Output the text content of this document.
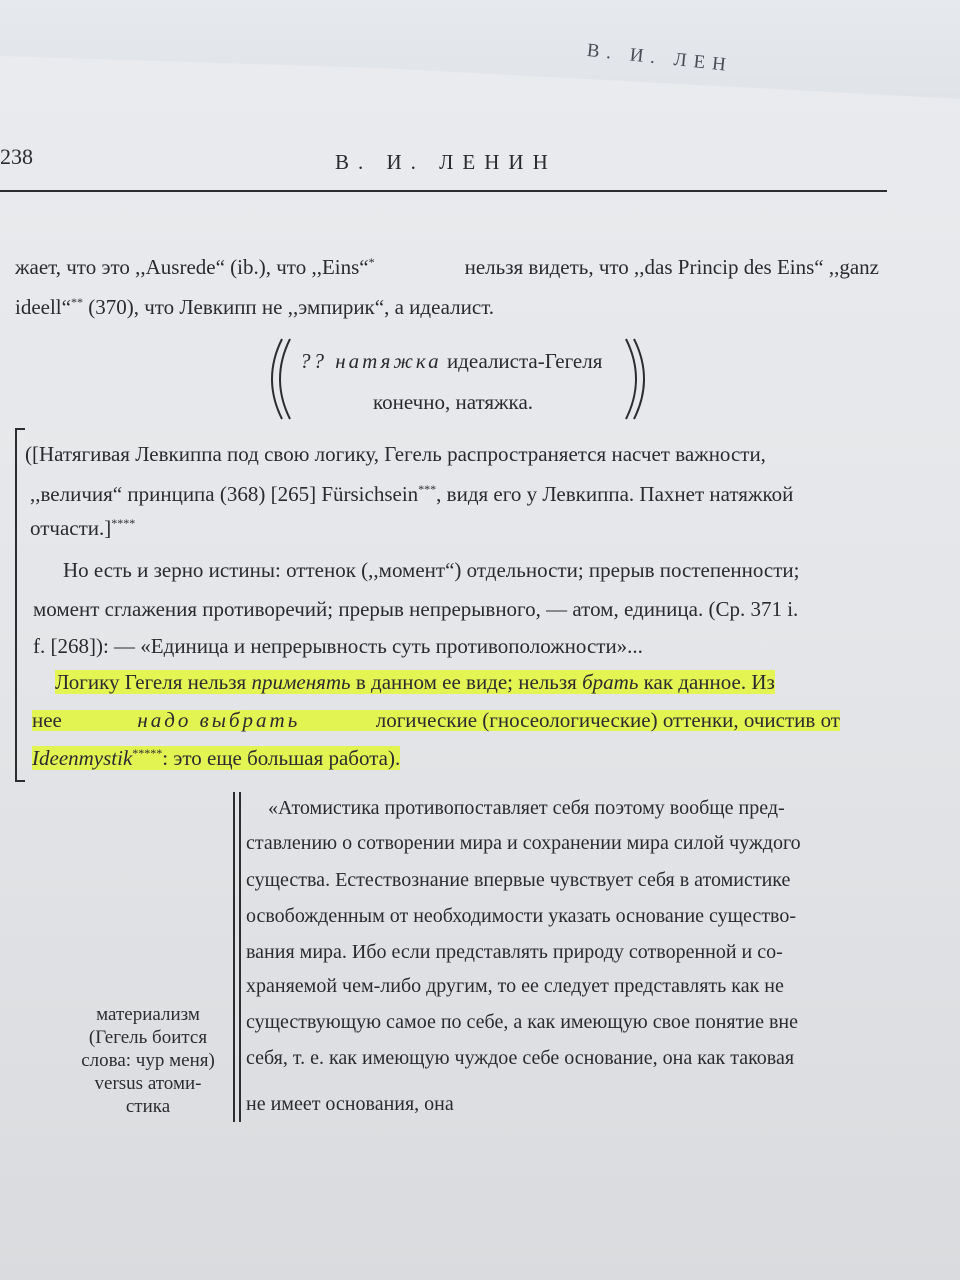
В. И. ЛЕН
238	В. И. ЛЕНИН
жает, что это ,,Ausrede“ (ib.), что ,,Eins“*	нельзя видеть, что ,,das Princip des Eins“ ,,ganz
ideell“** (370), что Левкипп не ,,эмпирик“, а идеалист.
?? натяжка идеалиста-Гегеля
конечно, натяжка.
([Натягивая Левкиппа под свою логику, Гегель распространяется насчет важности,
,,величия“ принципа (368) [265] Fürsichsein***, видя его у Левкиппа. Пахнет натяжкой
отчасти.]****
Но есть и зерно истины: оттенок (,,момент“) отдельности; прерыв постепенности;
момент сглажения противоречий; прерыв непрерывного, — атом, единица. (Ср. 371 i.
f. [268]): — «Единица и непрерывность суть противоположности»...
Логику Гегеля нельзя применять в данном ее виде; нельзя брать как данное. Из
нее	надо выбрать	логические (гносеологические) оттенки, очистив от
Ideenmystik*****: это еще большая работа).
«Атомистика противопоставляет себя поэтому вообще пред-
ставлению о сотворении мира и сохранении мира силой чуждого
существа. Естествознание впервые чувствует себя в атомистике
освобожденным от необходимости указать основание существо-
вания мира. Ибо если представлять природу сотворенной и со-
храняемой чем-либо другим, то ее следует представлять как не
существующую самое по себе, а как имеющую свое понятие вне
себя, т. е. как имеющую чуждое себе основание, она как таковая
не имеет основания, она
материализм
(Гегель боится
слова: чур меня)
versus атоми-
стика
